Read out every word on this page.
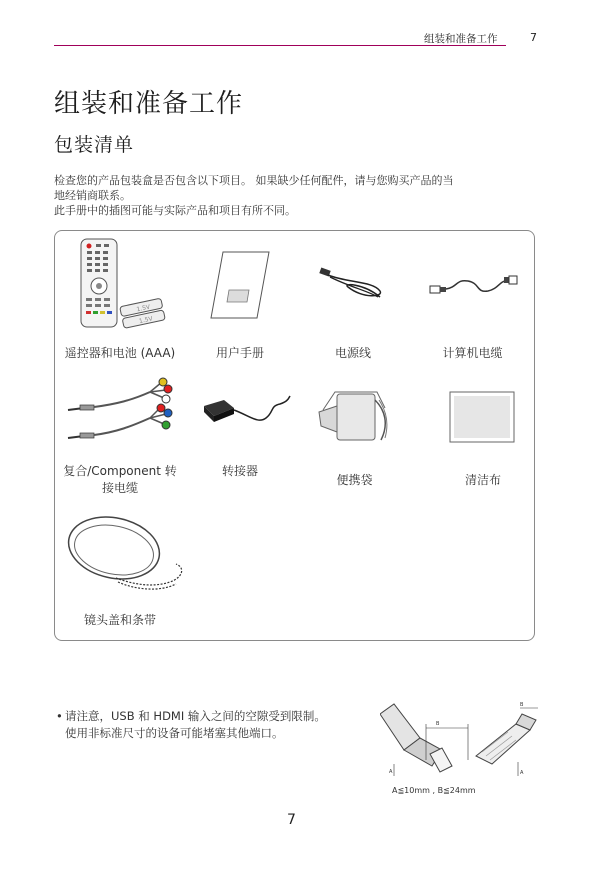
组装和准备工作	7
组装和准备工作
包装清单

检查您的产品包装盒是否包含以下项目。 如果缺少任何配件，请与您购买产品的当

地经销商联系。

此手册中的插图可能与实际产品和项目有所不同。

1.5V
1.5V
遥控器和电池 (AAA)	用户手册	电源线	计算机电缆
复合/Component 转
接电缆
转接器
便携袋	清洁布
镜头盖和条带
• 请注意，USB 和 HDMI 输入之间的空隙受到限制。

使用非标准尺寸的设备可能堵塞其他端口。

B
A
B
A
A≦10mm , B≦24mm
7
